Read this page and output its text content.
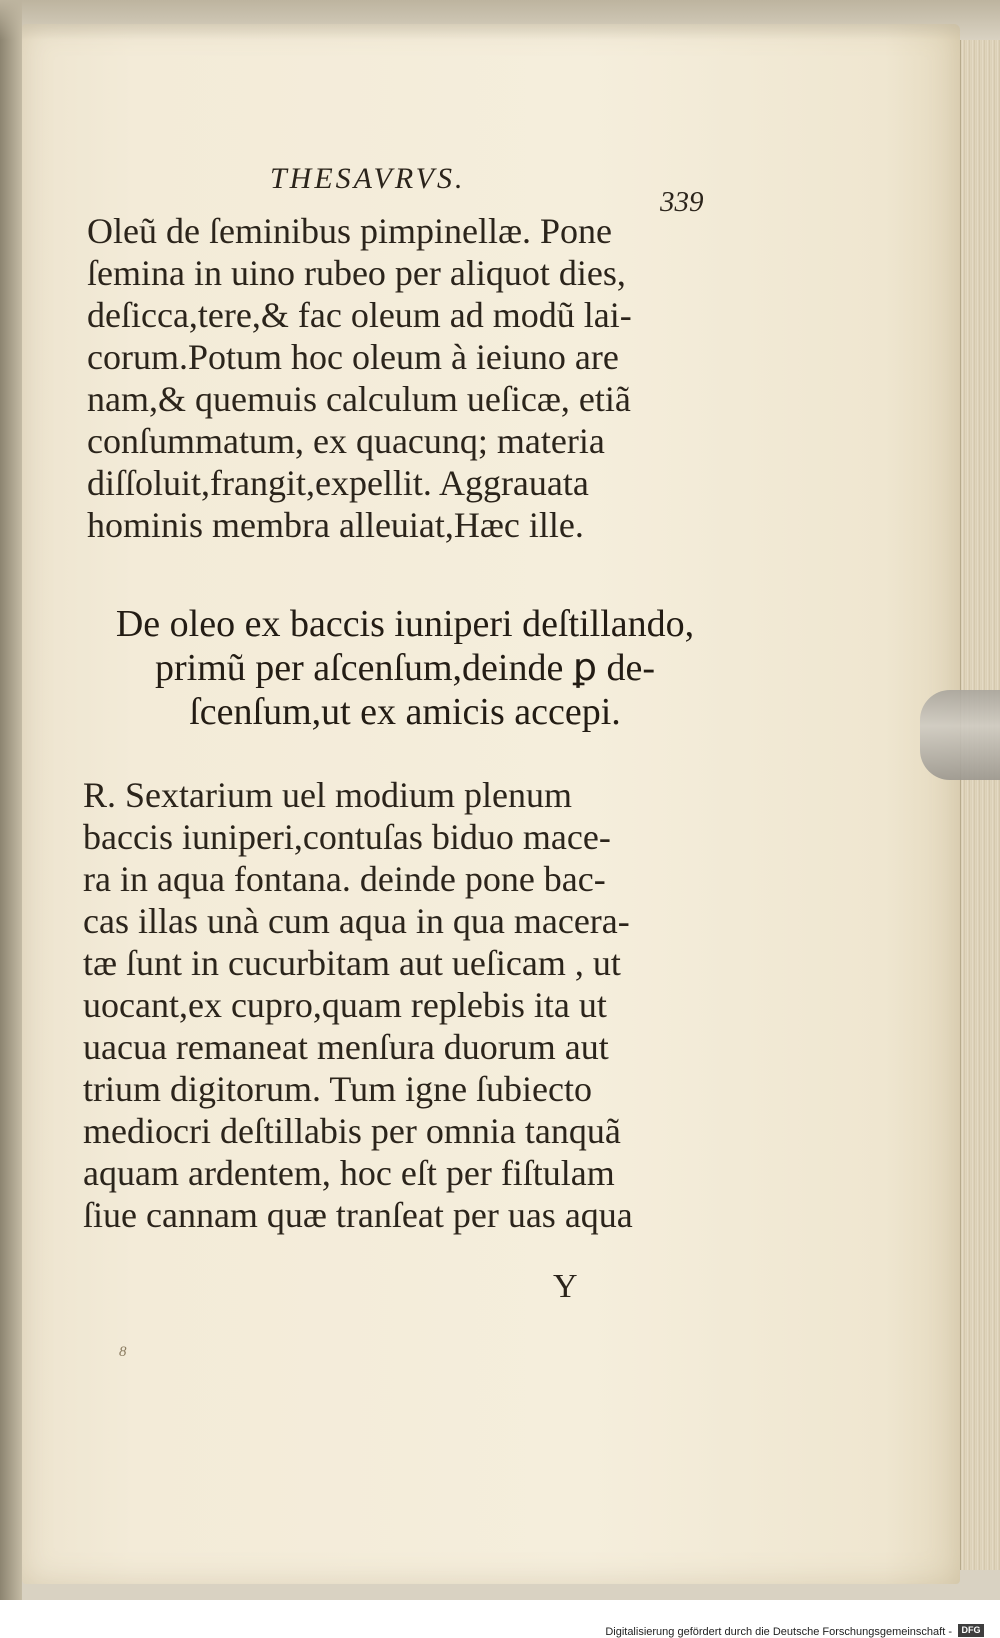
THESAVRVS.
339
Oleũ de ſeminibus pimpinellæ. Pone
ſemina in uino rubeo per aliquot dies,
deſicca,tere,& fac oleum ad modũ lai-
corum.Potum hoc oleum à ieiuno are
nam,& quemuis calculum ueſicæ, etiã
conſummatum, ex quacunq; materia
diſſoluit,frangit,expellit. Aggrauata
hominis membra alleuiat,Hæc ille.
De oleo ex baccis iuniperi deſtillando,
primũ per aſcenſum,deinde ꝑ de-
ſcenſum,ut ex amicis accepi.
R. Sextarium uel modium plenum
baccis iuniperi,contuſas biduo mace-
ra in aqua fontana. deinde pone bac-
cas illas unà cum aqua in qua macera-
tæ ſunt in cucurbitam aut ueſicam , ut
uocant,ex cupro,quam replebis ita ut
uacua remaneat menſura duorum aut
trium digitorum. Tum igne ſubiecto
mediocri deſtillabis per omnia tanquã
aquam ardentem, hoc eſt per fiſtulam
ſiue cannam quæ tranſeat per uas aqua
Y
8
Digitalisierung gefördert durch die Deutsche Forschungsgemeinschaft -	DFG
